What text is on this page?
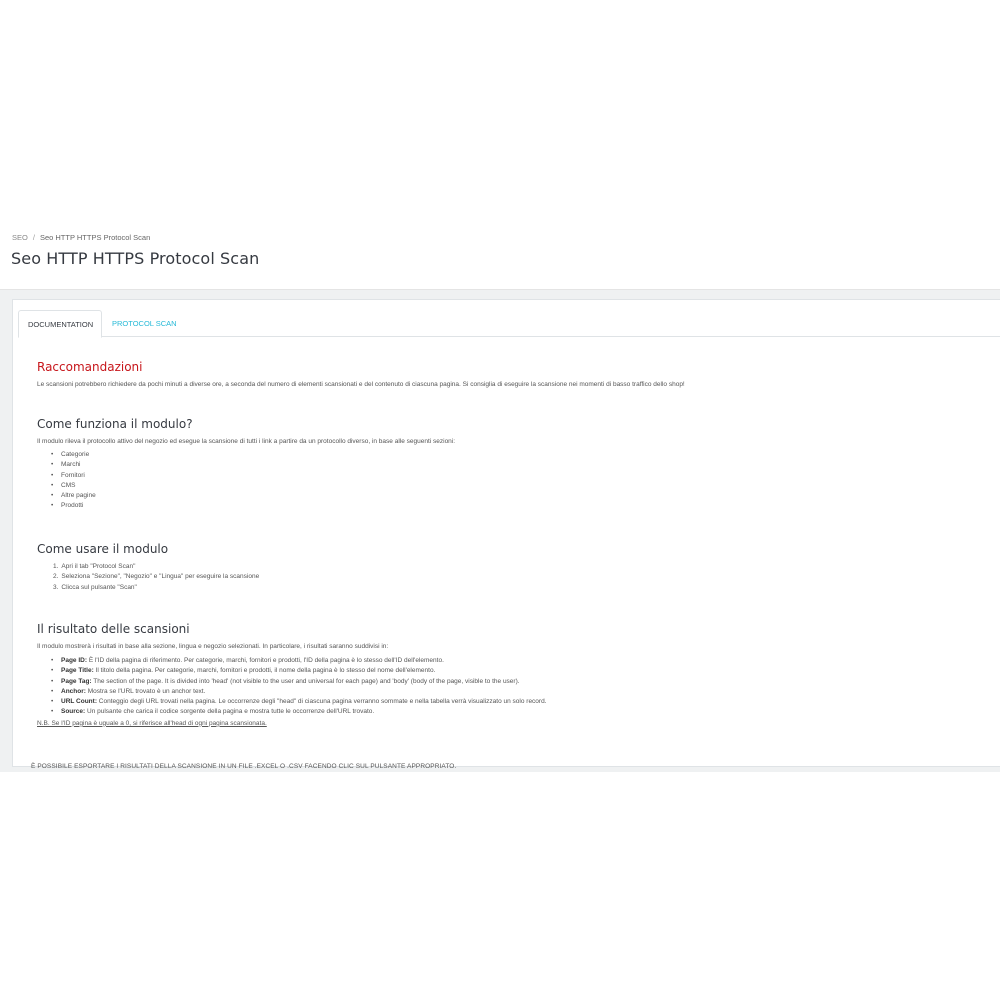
SEO / Seo HTTP HTTPS Protocol Scan
Seo HTTP HTTPS Protocol Scan
DOCUMENTATION	PROTOCOL SCAN
Raccomandazioni

Le scansioni potrebbero richiedere da pochi minuti a diverse ore, a seconda del numero di elementi scansionati e del contenuto di ciascuna pagina. Si consiglia di eseguire la scansione nei momenti di basso traffico dello shop!

Come funziona il modulo?

Il modulo rileva il protocollo attivo del negozio ed esegue la scansione di tutti i link a partire da un protocollo diverso, in base alle seguenti sezioni:

• Categorie
• Marchi
• Fornitori
• CMS
• Altre pagine
• Prodotti
Come usare il modulo
1. Apri il tab "Protocol Scan"
2. Seleziona "Sezione", "Negozio" e "Lingua" per eseguire la scansione
3. Clicca sul pulsante "Scan"
Il risultato delle scansioni

Il modulo mostrerà i risultati in base alla sezione, lingua e negozio selezionati. In particolare, i risultati saranno suddivisi in:

• Page ID: È l'ID della pagina di riferimento. Per categorie, marchi, fornitori e prodotti, l'ID della pagina è lo stesso dell'ID dell'elemento.
• Page Title: Il titolo della pagina. Per categorie, marchi, fornitori e prodotti, il nome della pagina è lo stesso del nome dell'elemento.
• Page Tag: The section of the page. It is divided into 'head' (not visible to the user and universal for each page) and 'body' (body of the page, visible to the user).
• Anchor: Mostra se l'URL trovato è un anchor text.
• URL Count: Conteggio degli URL trovati nella pagina. Le occorrenze degli "head" di ciascuna pagina verranno sommate e nella tabella verrà visualizzato un solo record.
• Source: Un pulsante che carica il codice sorgente della pagina e mostra tutte le occorrenze dell'URL trovato.

N.B. Se l'ID pagina è uguale a 0, si riferisce all'head di ogni pagina scansionata.

È POSSIBILE ESPORTARE I RISULTATI DELLA SCANSIONE IN UN FILE .EXCEL O .CSV FACENDO CLIC SUL PULSANTE APPROPRIATO.
